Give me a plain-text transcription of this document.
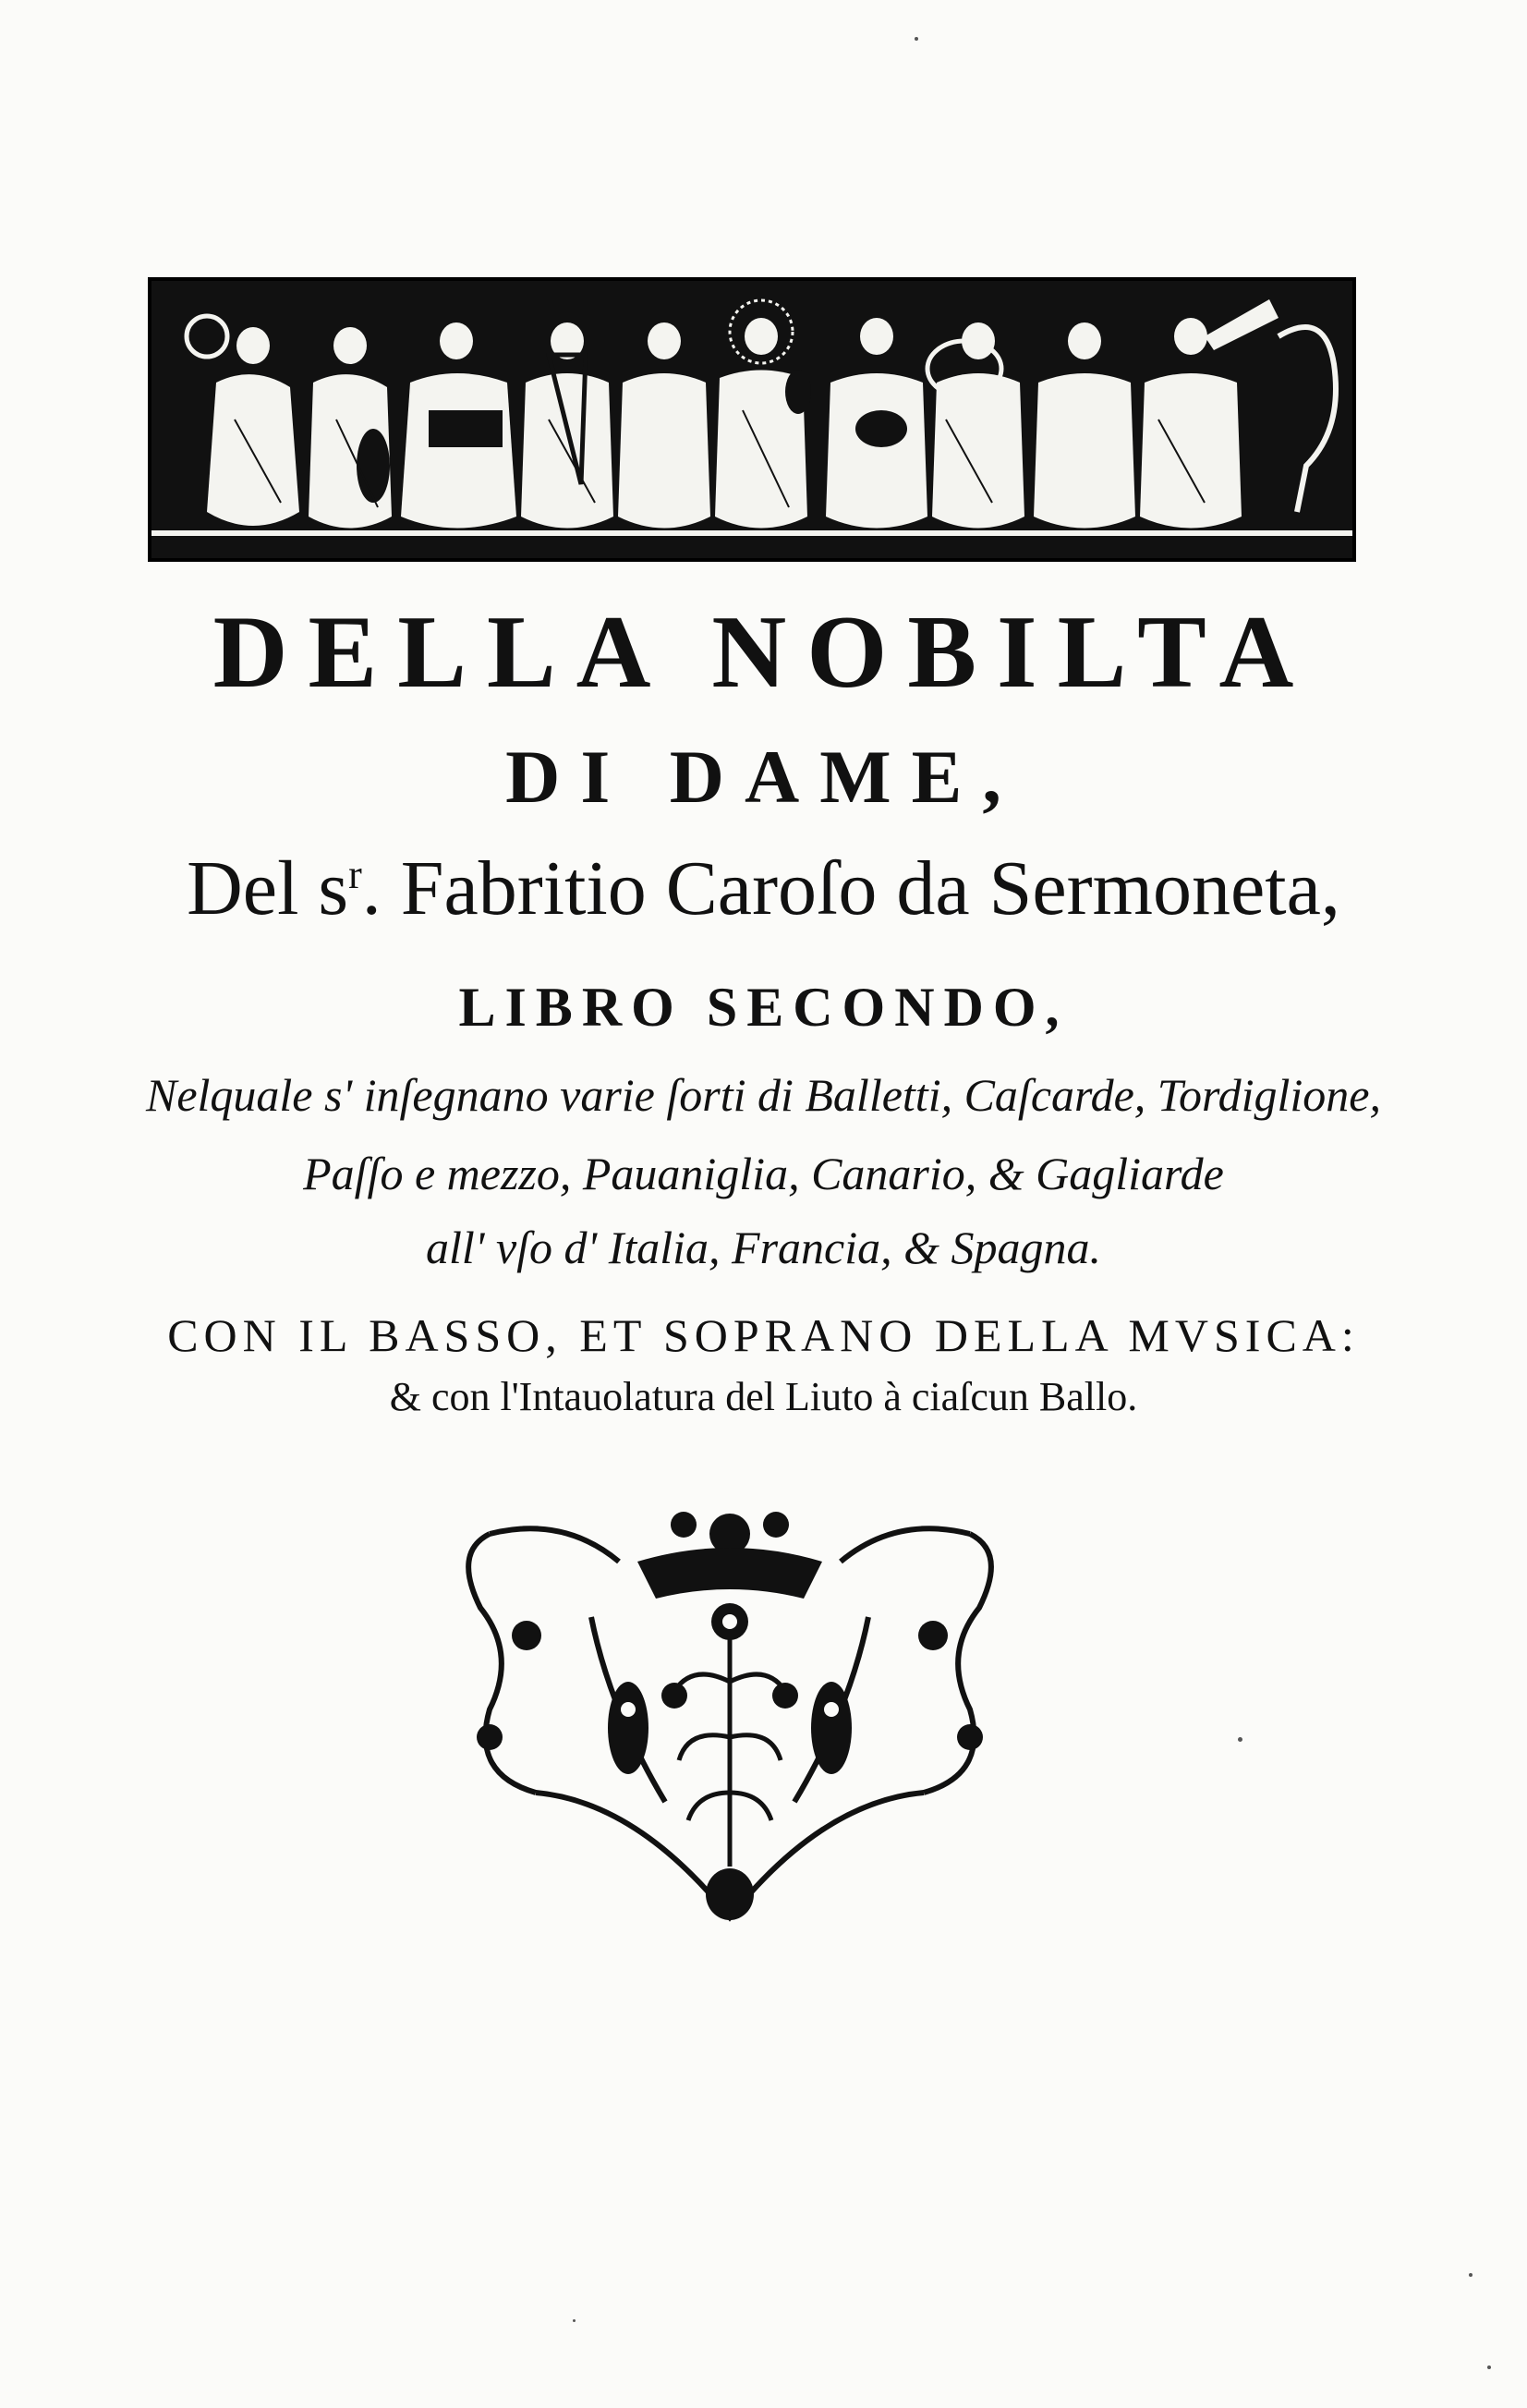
DELLA NOBILTA
DI DAME,
Del $s^r$. Fabritio Caroſo da Sermoneta,
LIBRO SECONDO,
Nelquale s' inſegnano varie ſorti di Balletti, Caſcarde, Tordiglione,
Paſſo e mezzo, Pauaniglia, Canario, & Gagliarde
all' vſo d' Italia, Francia, & Spagna.
CON IL BASSO, ET SOPRANO DELLA MVSICA:
& con l'Intauolatura del Liuto à ciaſcun Ballo.
